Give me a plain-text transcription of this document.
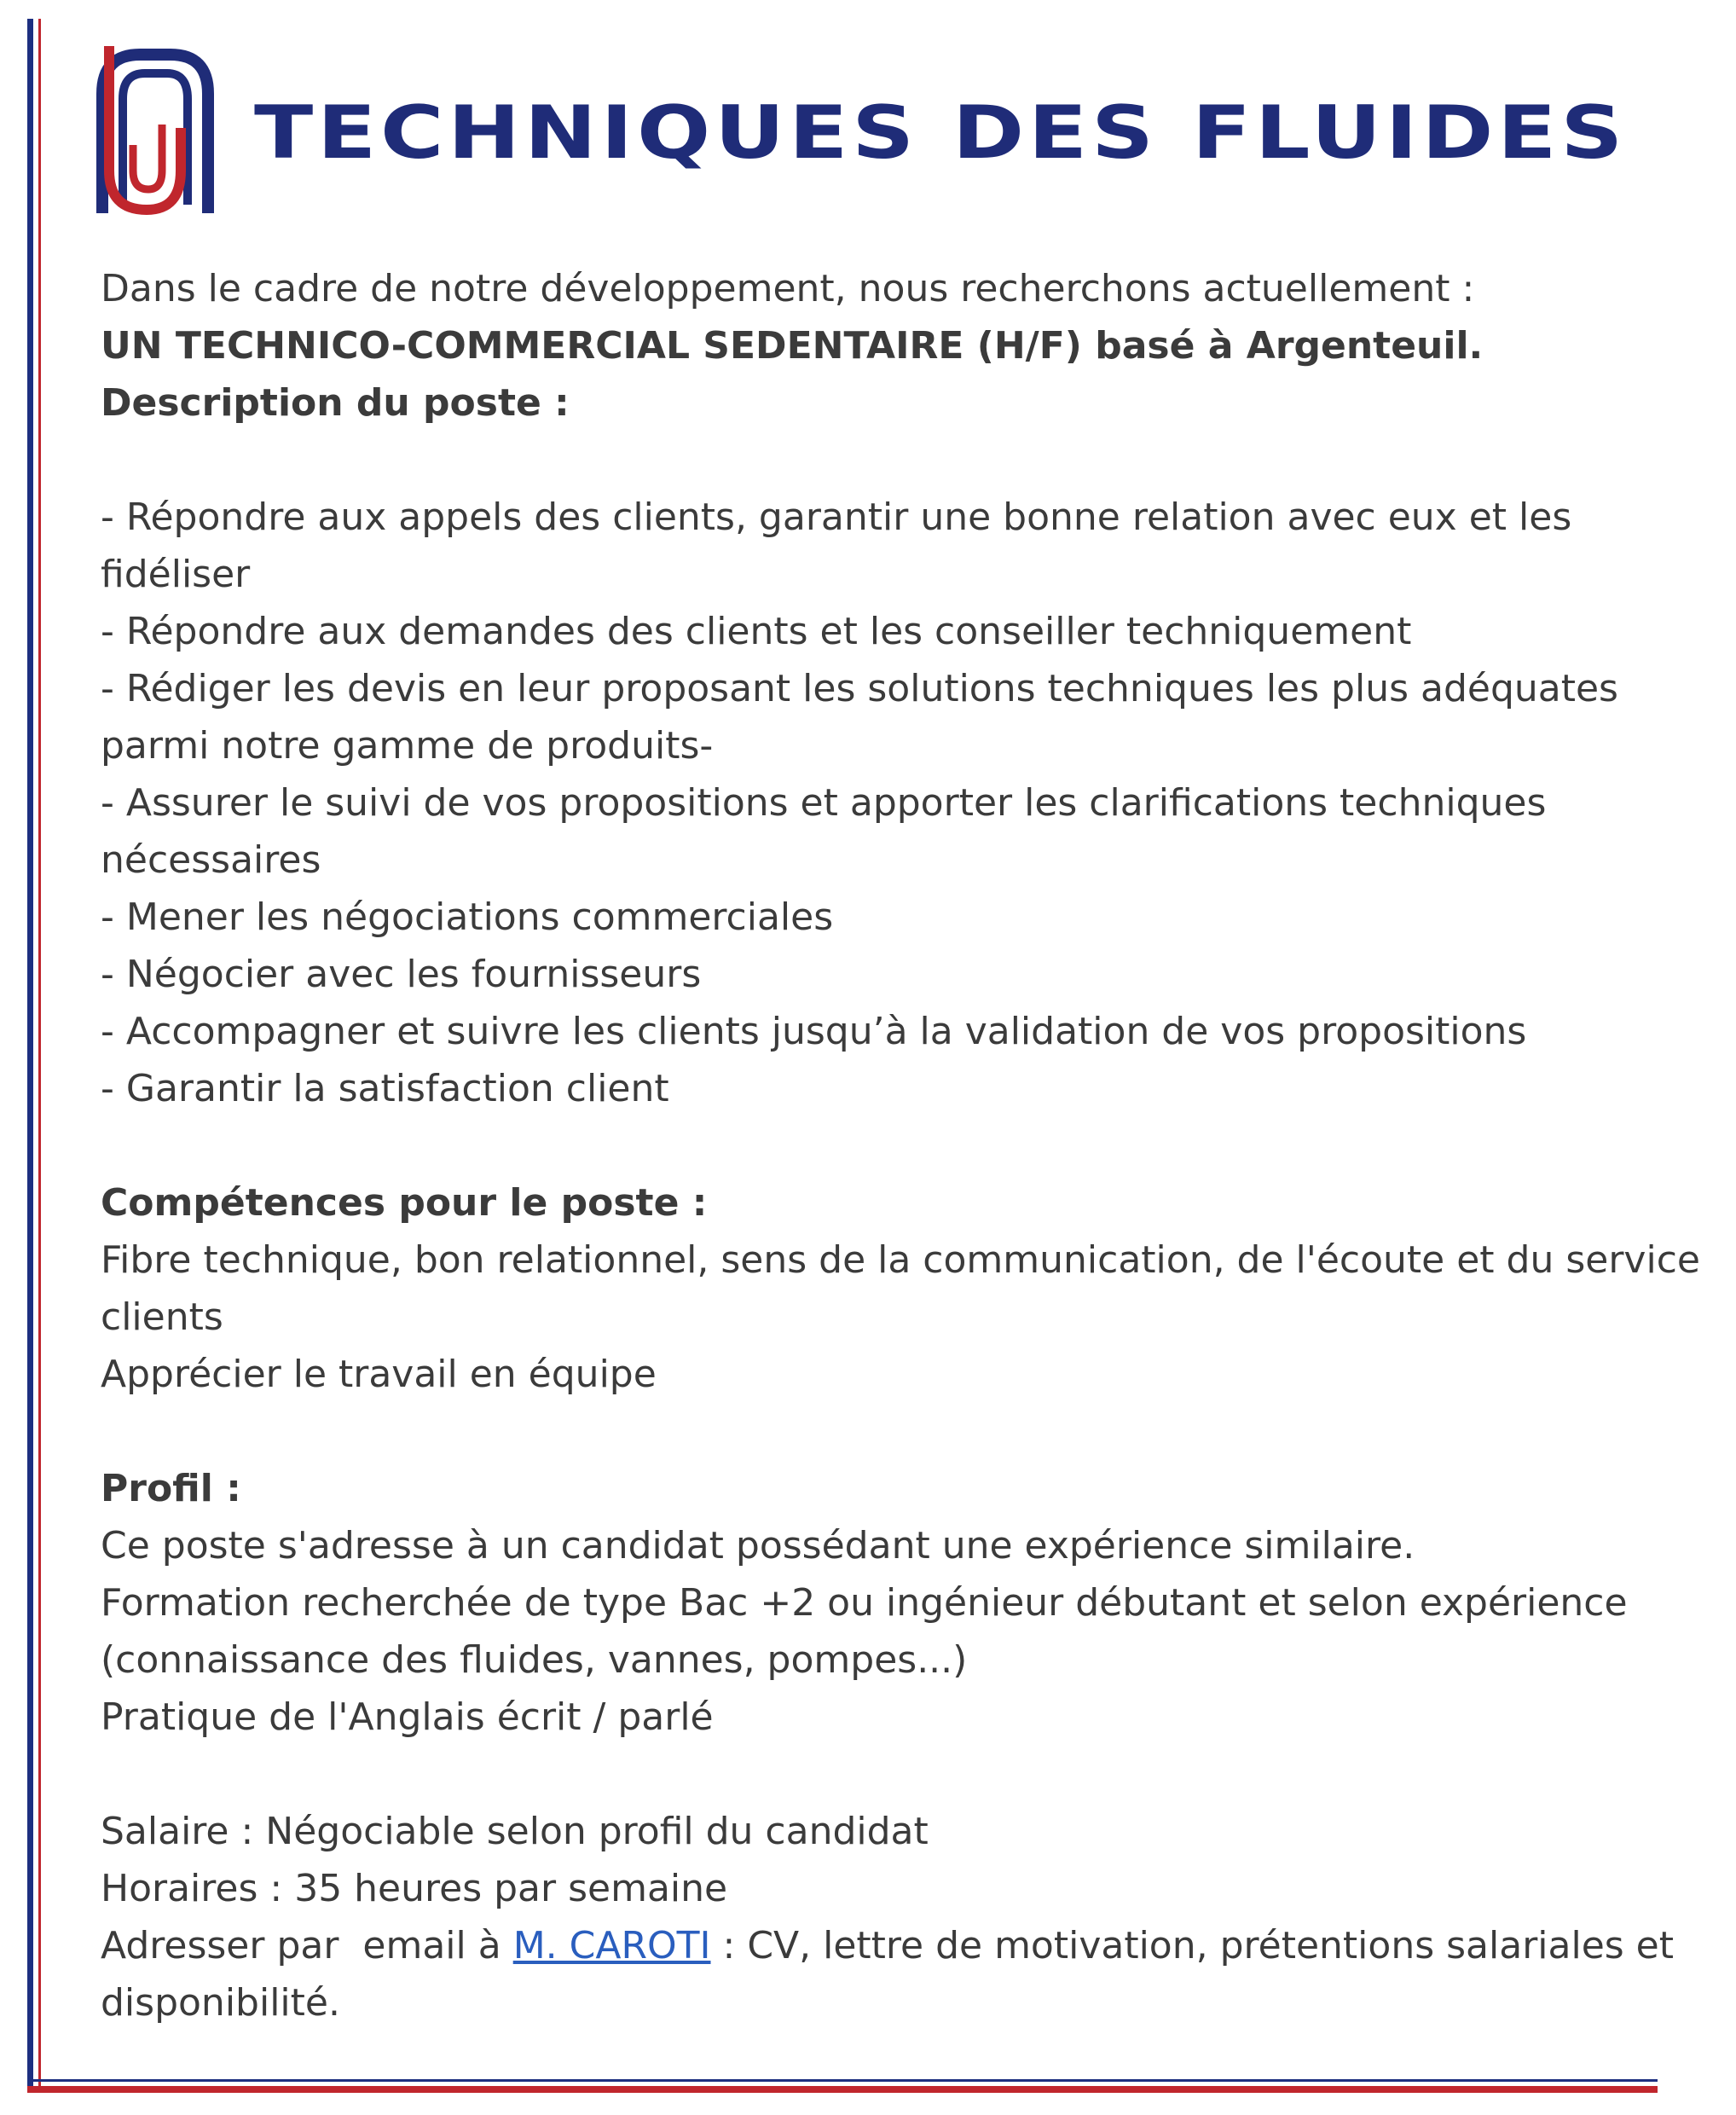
TECHNIQUES DES FLUIDES
Dans le cadre de notre développement, nous recherchons actuellement :
UN TECHNICO-COMMERCIAL SEDENTAIRE (H/F) basé à Argenteuil.
Description du poste :
- Répondre aux appels des clients, garantir une bonne relation avec eux et les
fidéliser
- Répondre aux demandes des clients et les conseiller techniquement
- Rédiger les devis en leur proposant les solutions techniques les plus adéquates
parmi notre gamme de produits-
- Assurer le suivi de vos propositions et apporter les clarifications techniques
nécessaires
- Mener les négociations commerciales
- Négocier avec les fournisseurs
- Accompagner et suivre les clients jusqu’à la validation de vos propositions
- Garantir la satisfaction client
Compétences pour le poste :
Fibre technique, bon relationnel, sens de la communication, de l'écoute et du service
clients
Apprécier le travail en équipe
Profil :
Ce poste s'adresse à un candidat possédant une expérience similaire.
Formation recherchée de type Bac +2 ou ingénieur débutant et selon expérience
(connaissance des fluides, vannes, pompes...)
Pratique de l'Anglais écrit / parlé
Salaire : Négociable selon profil du candidat
Horaires : 35 heures par semaine
Adresser par  email à M. CAROTI : CV, lettre de motivation, prétentions salariales et
disponibilité.
